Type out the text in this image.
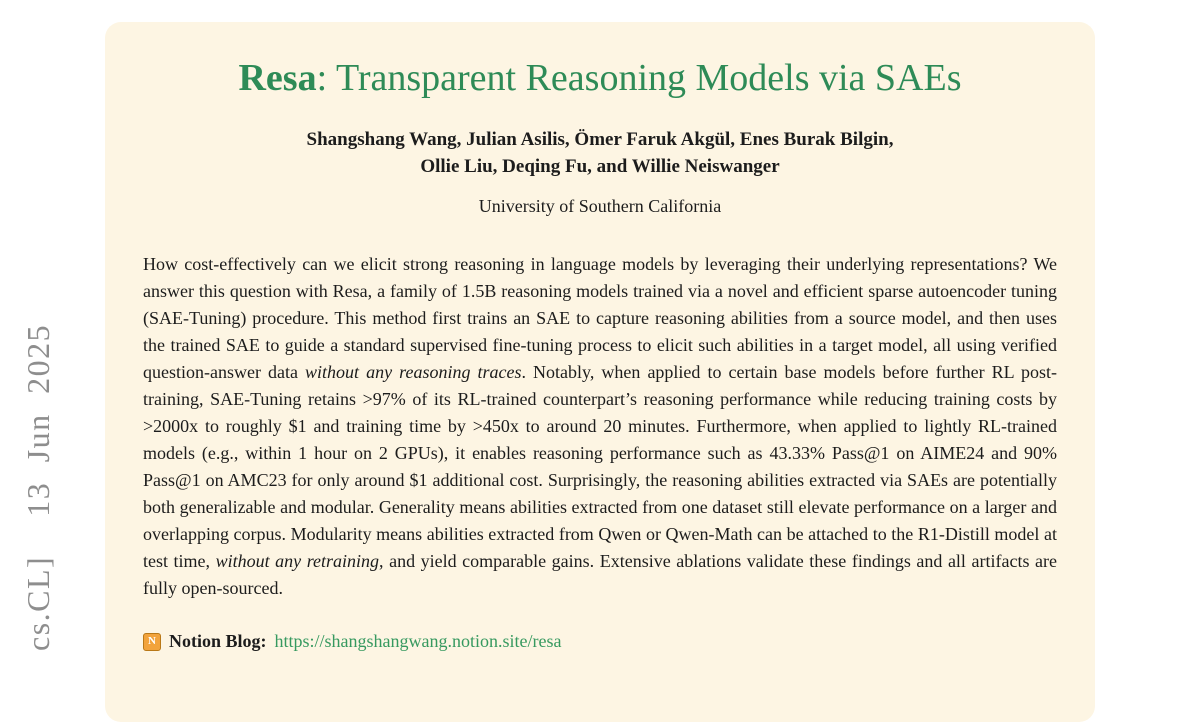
cs.CL]  13 Jun 2025
Resa: Transparent Reasoning Models via SAEs
Shangshang Wang, Julian Asilis, Ömer Faruk Akgül, Enes Burak Bilgin,
Ollie Liu, Deqing Fu, and Willie Neiswanger
University of Southern California

How cost-effectively can we elicit strong reasoning in language models by leveraging their underlying representations? We answer this question with Resa, a family of 1.5B reasoning models trained via a novel and efficient sparse autoencoder tuning (SAE-Tuning) procedure. This method first trains an SAE to capture reasoning abilities from a source model, and then uses the trained SAE to guide a standard supervised fine-tuning process to elicit such abilities in a target model, all using verified question-answer data without any reasoning traces. Notably, when applied to certain base models before further RL post-training, SAE-Tuning retains >97% of its RL-trained counterpart’s reasoning performance while reducing training costs by >2000x to roughly $1 and training time by >450x to around 20 minutes. Furthermore, when applied to lightly RL-trained models (e.g., within 1 hour on 2 GPUs), it enables reasoning performance such as 43.33% Pass@1 on AIME24 and 90% Pass@1 on AMC23 for only around $1 additional cost. Surprisingly, the reasoning abilities extracted via SAEs are potentially both generalizable and modular. Generality means abilities extracted from one dataset still elevate performance on a larger and overlapping corpus. Modularity means abilities extracted from Qwen or Qwen-Math can be attached to the R1-Distill model at test time, without any retraining, and yield comparable gains. Extensive ablations validate these findings and all artifacts are fully open-sourced.

N Notion Blog: https://shangshangwang.notion.site/resa
